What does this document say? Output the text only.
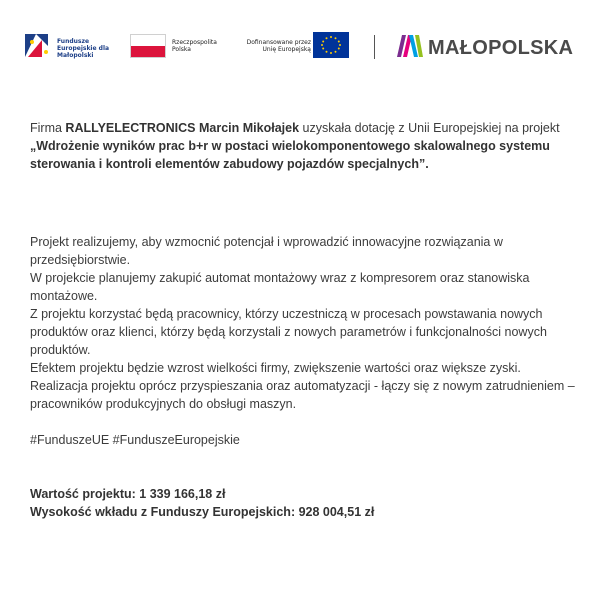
Fundusze Europejskie dla Małopolski
Rzeczpospolita Polska
Dofinansowane przez Unię Europejską	MAŁOPOLSKA
Firma RALLYELECTRONICS Marcin Mikołajek uzyskała dotację z Unii Europejskiej na projekt „Wdrożenie wyników prac b+r w postaci wielokomponentowego skalowalnego systemu sterowania i kontroli elementów zabudowy pojazdów specjalnych”.

Projekt realizujemy, aby wzmocnić potencjał i wprowadzić innowacyjne rozwiązania w przedsiębiorstwie.

W projekcie planujemy zakupić automat montażowy wraz z kompresorem oraz stanowiska montażowe.

Z projektu korzystać będą pracownicy, którzy uczestniczą w procesach powstawania nowych produktów oraz klienci, którzy będą korzystali z nowych parametrów i funkcjonalności nowych produktów.

Efektem projektu będzie wzrost wielkości firmy, zwiększenie wartości oraz większe zyski.

Realizacja projektu oprócz przyspieszania oraz automatyzacji - łączy się z nowym zatrudnieniem – pracowników produkcyjnych do obsługi maszyn.

#FunduszeUE #FunduszeEuropejskie

Wartość projektu: 1 339 166,18 zł

Wysokość wkładu z Funduszy Europejskich: 928 004,51 zł
